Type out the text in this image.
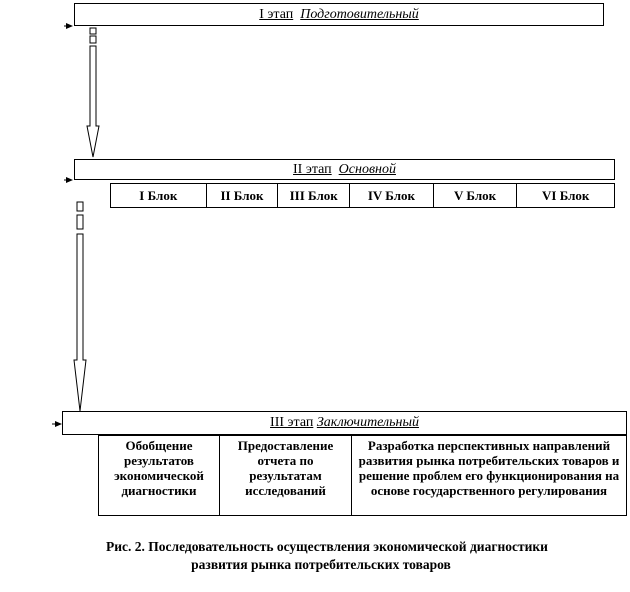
I этап Подготовительный
II этап Основной
I Блок	II Блок	III Блок	IV Блок	V Блок	VI Блок
III этап Заключительный
Обобщение результатов экономической диагностики
Предоставление отчета по результатам исследований
Разработка перспективных направлений развития рынка потребительских товаров и решение проблем его функционирования на основе государственного регулирования
Рис. 2. Последовательность осуществления экономической диагностики
развития рынка потребительских товаров
